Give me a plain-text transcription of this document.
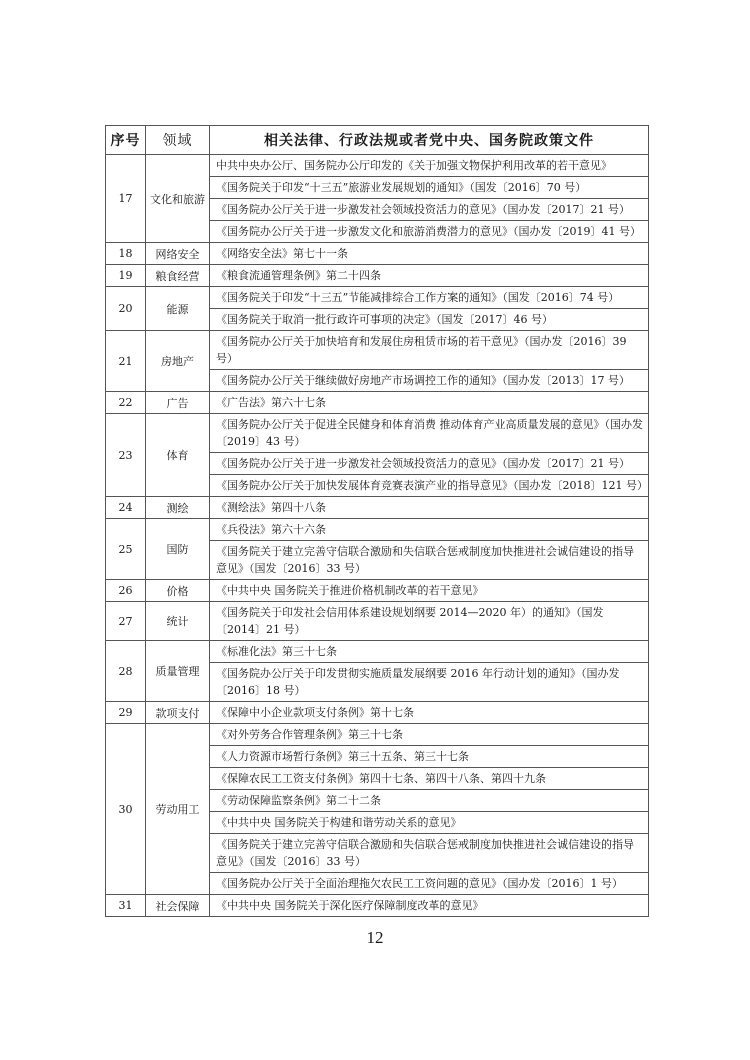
序号	领域	相关法律、行政法规或者党中央、国务院政策文件
17	文化和旅游	中共中央办公厅、国务院办公厅印发的《关于加强文物保护利用改革的若干意见》
		《国务院关于印发“十三五”旅游业发展规划的通知》（国发〔2016〕70 号）
		《国务院办公厅关于进一步激发社会领域投资活力的意见》（国办发〔2017〕21 号）
		《国务院办公厅关于进一步激发文化和旅游消费潜力的意见》（国办发〔2019〕41 号）
18	网络安全	《网络安全法》第七十一条
19	粮食经营	《粮食流通管理条例》第二十四条
20	能源	《国务院关于印发“十三五”节能减排综合工作方案的通知》（国发〔2016〕74 号）
		《国务院关于取消一批行政许可事项的决定》（国发〔2017〕46 号）
21	房地产	《国务院办公厅关于加快培育和发展住房租赁市场的若干意见》（国办发〔2016〕39 号）
		《国务院办公厅关于继续做好房地产市场调控工作的通知》（国办发〔2013〕17 号）
22	广告	《广告法》第六十七条
23	体育	《国务院办公厅关于促进全民健身和体育消费 推动体育产业高质量发展的意见》（国办发〔2019〕43 号）
		《国务院办公厅关于进一步激发社会领域投资活力的意见》（国办发〔2017〕21 号）
		《国务院办公厅关于加快发展体育竞赛表演产业的指导意见》（国办发〔2018〕121 号）
24	测绘	《测绘法》第四十八条
25	国防	《兵役法》第六十六条
		《国务院关于建立完善守信联合激励和失信联合惩戒制度加快推进社会诚信建设的指导意见》（国发〔2016〕33 号）
26	价格	《中共中央 国务院关于推进价格机制改革的若干意见》
27	统计	《国务院关于印发社会信用体系建设规划纲要 2014—2020 年）的通知》（国发〔2014〕21 号）
28	质量管理	《标准化法》第三十七条
		《国务院办公厅关于印发贯彻实施质量发展纲要 2016 年行动计划的通知》（国办发〔2016〕18 号）
29	款项支付	《保障中小企业款项支付条例》第十七条
30	劳动用工	《对外劳务合作管理条例》第三十七条
		《人力资源市场暂行条例》第三十五条、第三十七条
		《保障农民工工资支付条例》第四十七条、第四十八条、第四十九条
		《劳动保障监察条例》第二十二条
		《中共中央 国务院关于构建和谐劳动关系的意见》
		《国务院关于建立完善守信联合激励和失信联合惩戒制度加快推进社会诚信建设的指导意见》（国发〔2016〕33 号）
		《国务院办公厅关于全面治理拖欠农民工工资问题的意见》（国办发〔2016〕1 号）
31	社会保障	《中共中央 国务院关于深化医疗保障制度改革的意见》
12
